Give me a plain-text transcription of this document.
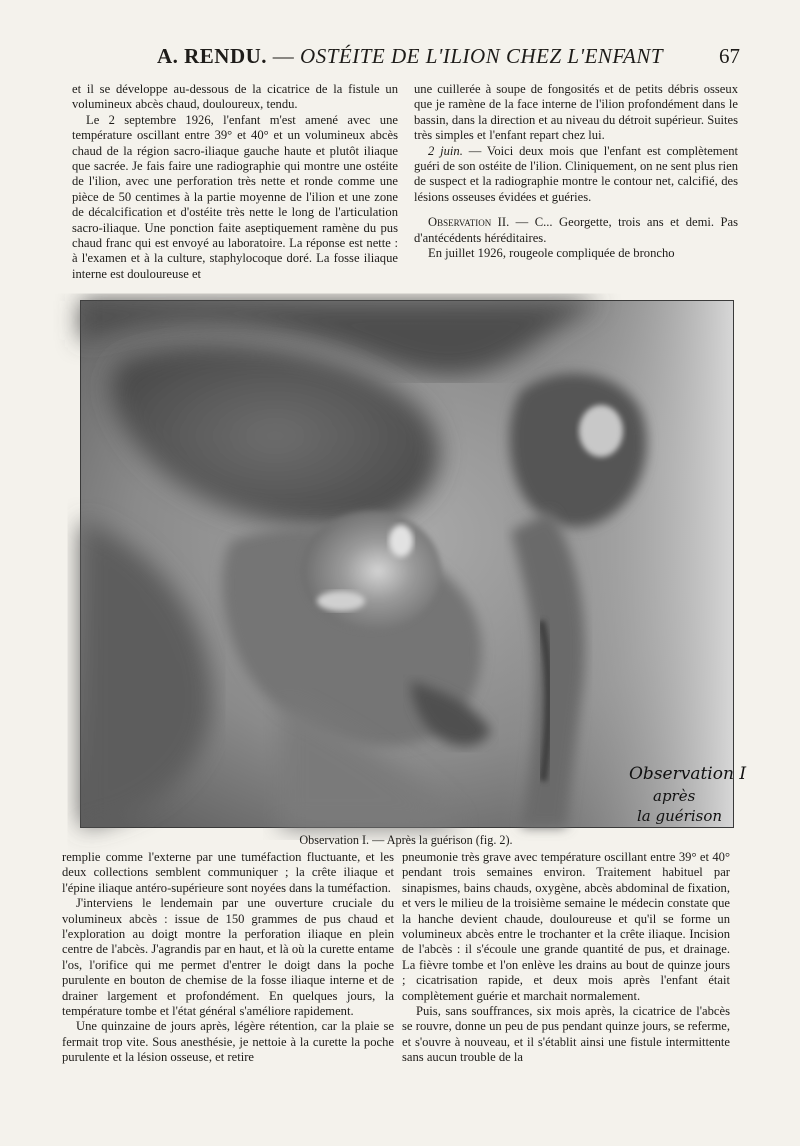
A. RENDU. — OSTÉITE DE L'ILION CHEZ L'ENFANT	67

et il se développe au-dessous de la cicatrice de la fistule un volumineux abcès chaud, douloureux, tendu.

Le 2 septembre 1926, l'enfant m'est amené avec une température oscillant entre 39° et 40° et un volumineux abcès chaud de la région sacro-iliaque gauche haute et plutôt iliaque que sacrée. Je fais faire une radiographie qui montre une ostéite de l'ilion, avec une perforation très nette et ronde comme une pièce de 50 centimes à la partie moyenne de l'ilion et une zone de décalcification et d'ostéite très nette le long de l'articulation sacro-iliaque. Une ponction faite aseptiquement ramène du pus chaud franc qui est envoyé au laboratoire. La réponse est nette : à l'examen et à la culture, staphylocoque doré. La fosse iliaque interne est douloureuse et

une cuillerée à soupe de fongosités et de petits débris osseux que je ramène de la face interne de l'ilion profondément dans le bassin, dans la direction et au niveau du détroit supérieur. Suites très simples et l'enfant repart chez lui.

2 juin. — Voici deux mois que l'enfant est complètement guéri de son ostéite de l'ilion. Cliniquement, on ne sent plus rien de suspect et la radiographie montre le contour net, calcifié, des lésions osseuses évidées et guéries.

Observation II. — C... Georgette, trois ans et demi. Pas d'antécédents héréditaires.

En juillet 1926, rougeole compliquée de broncho

Observation I
après
la guérison
Observation I. — Après la guérison (fig. 2).

remplie comme l'externe par une tuméfaction fluctuante, et les deux collections semblent communiquer ; la crête iliaque et l'épine iliaque antéro-supérieure sont noyées dans la tuméfaction.

J'interviens le lendemain par une ouverture cruciale du volumineux abcès : issue de 150 grammes de pus chaud et l'exploration au doigt montre la perforation iliaque en plein centre de l'abcès. J'agrandis par en haut, et là où la curette entame l'os, l'orifice qui me permet d'entrer le doigt dans la poche purulente en bouton de chemise de la fosse iliaque interne et de drainer largement et profondément. En quelques jours, la température tombe et l'état général s'améliore rapidement.

Une quinzaine de jours après, légère rétention, car la plaie se fermait trop vite. Sous anesthésie, je nettoie à la curette la poche purulente et la lésion osseuse, et retire

pneumonie très grave avec température oscillant entre 39° et 40° pendant trois semaines environ. Traitement habituel par sinapismes, bains chauds, oxygène, abcès abdominal de fixation, et vers le milieu de la troisième semaine le médecin constate que la hanche devient chaude, douloureuse et qu'il se forme un volumineux abcès entre le trochanter et la crête iliaque. Incision de l'abcès : il s'écoule une grande quantité de pus, et drainage. La fièvre tombe et l'on enlève les drains au bout de quinze jours ; cicatrisation rapide, et deux mois après l'enfant était complètement guérie et marchait normalement.

Puis, sans souffrances, six mois après, la cicatrice de l'abcès se rouvre, donne un peu de pus pendant quinze jours, se referme, et s'ouvre à nouveau, et il s'établit ainsi une fistule intermittente sans aucun trouble de la
